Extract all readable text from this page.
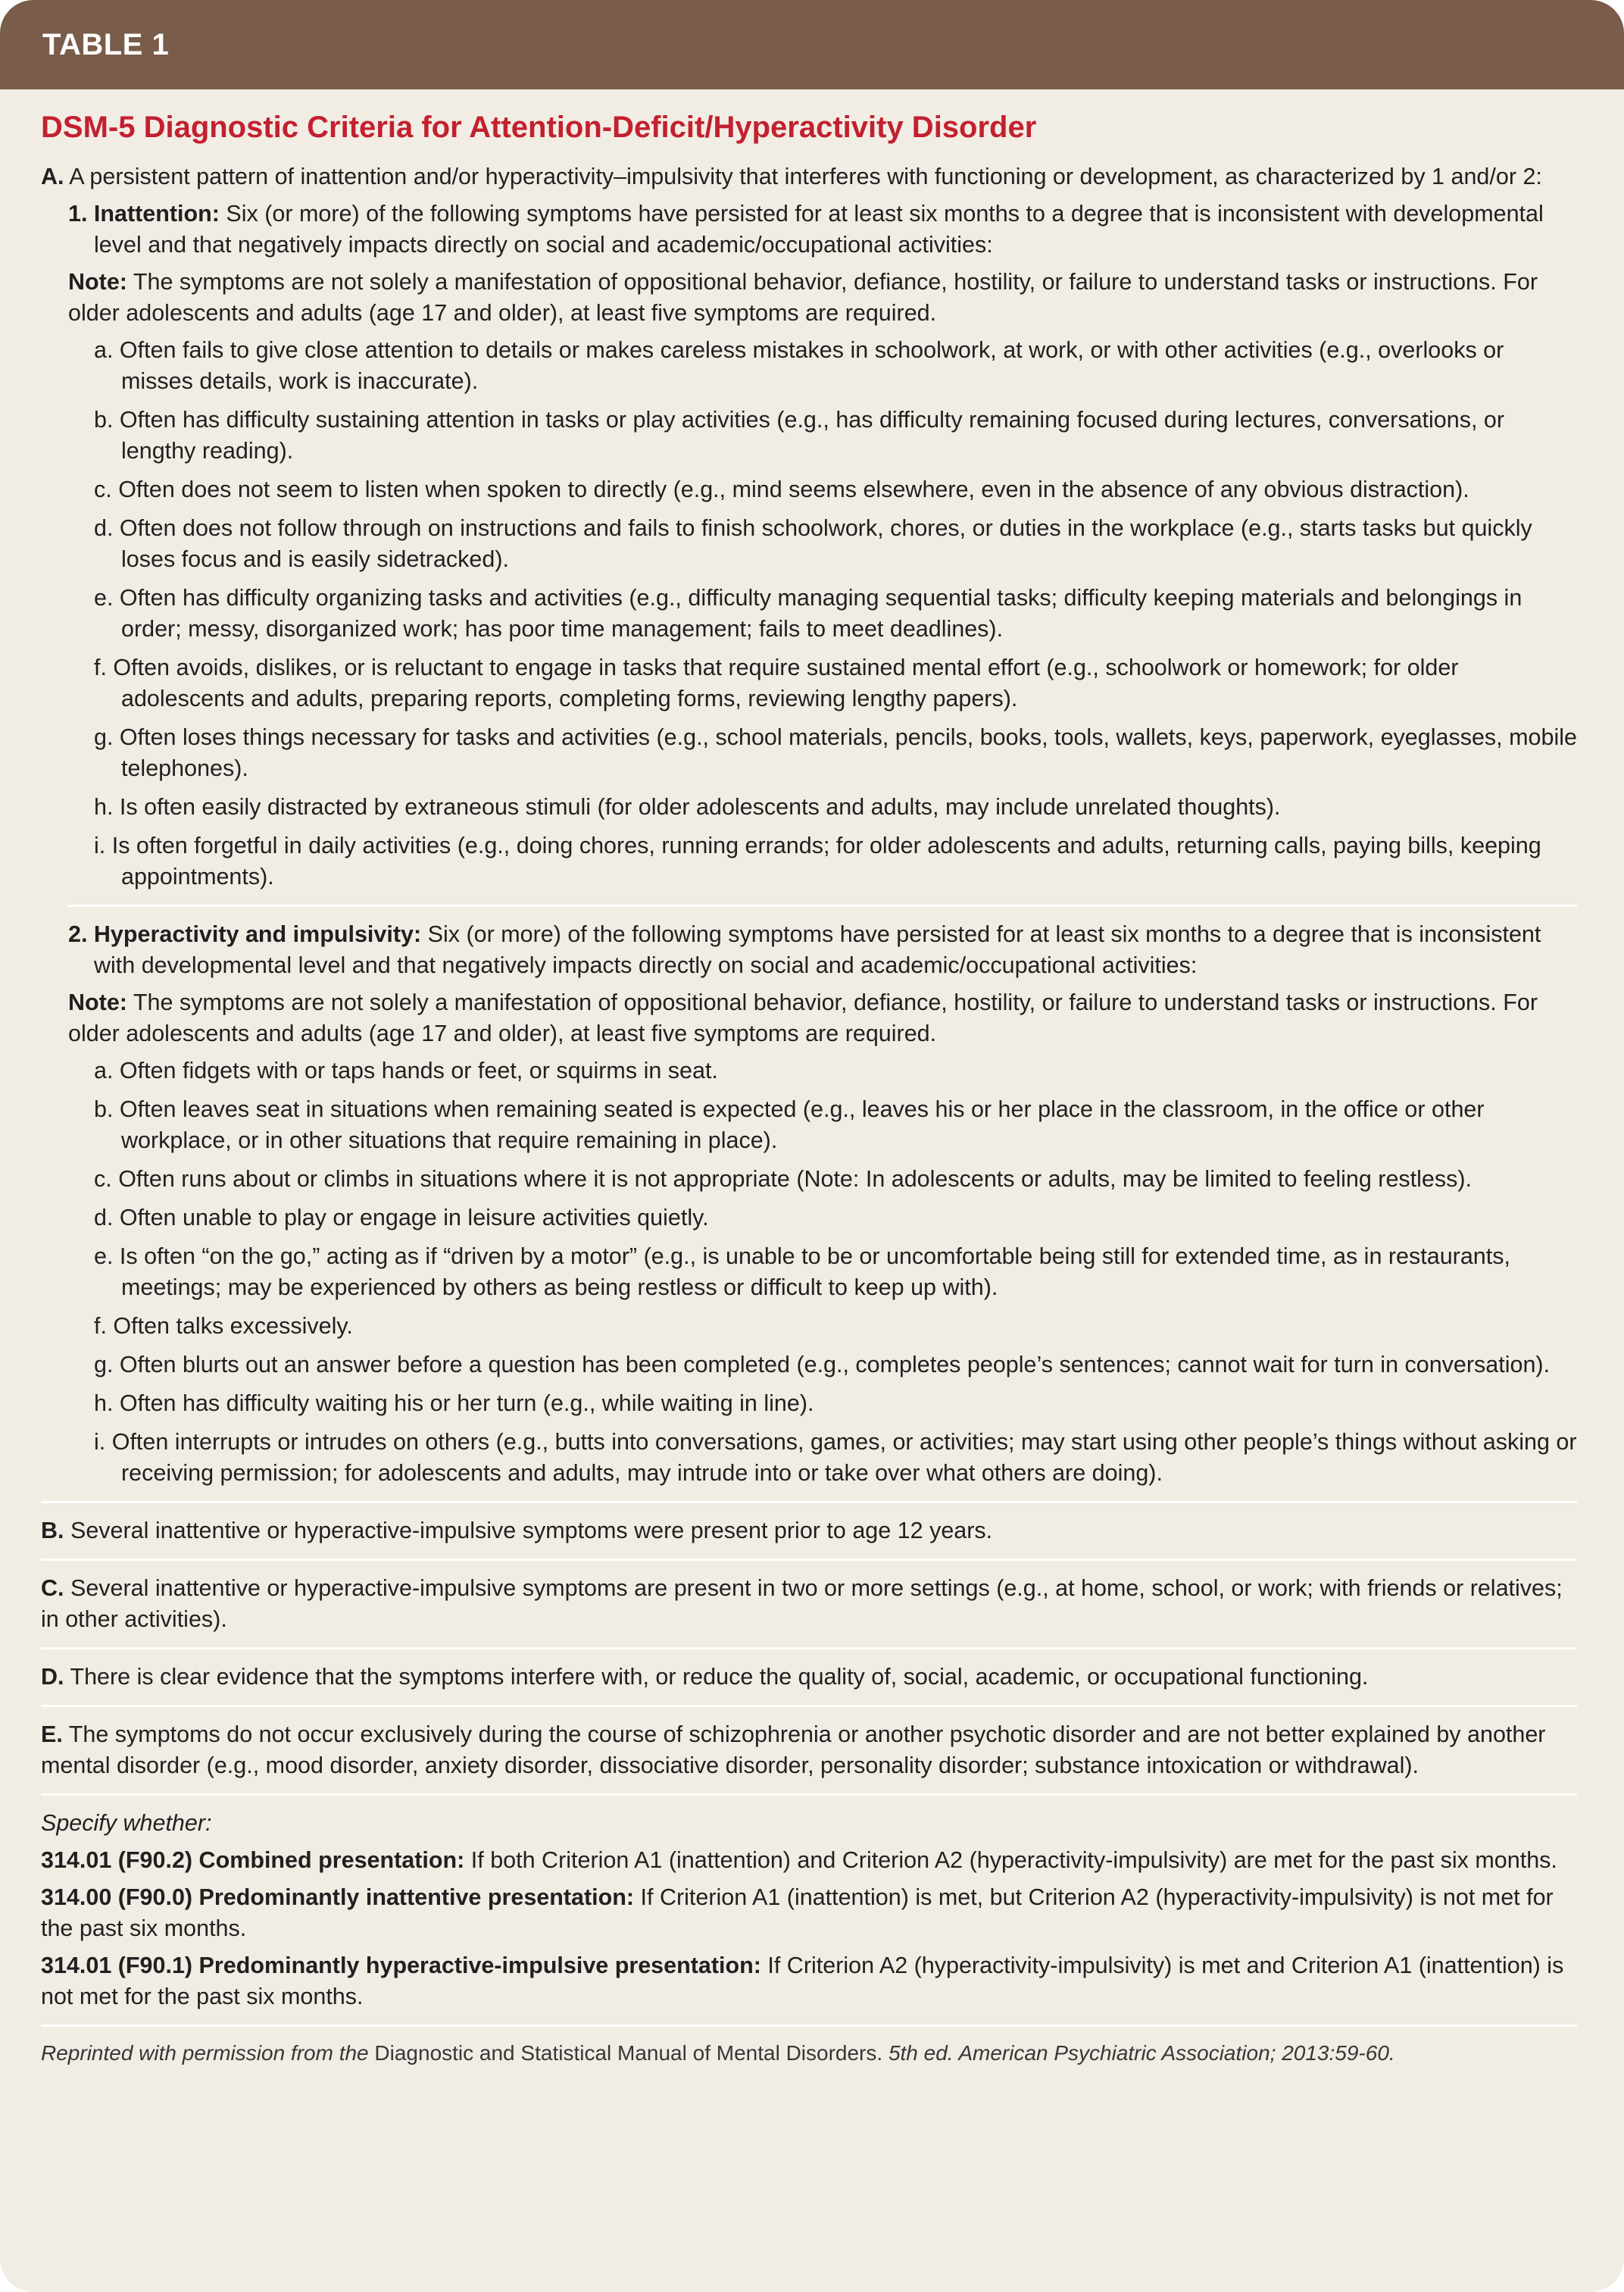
TABLE 1
DSM-5 Diagnostic Criteria for Attention-Deficit/Hyperactivity Disorder
A. A persistent pattern of inattention and/or hyperactivity–impulsivity that interferes with functioning or development, as characterized by 1 and/or 2:
1. Inattention: Six (or more) of the following symptoms have persisted for at least six months to a degree that is inconsistent with developmental level and that negatively impacts directly on social and academic/occupational activities:
Note: The symptoms are not solely a manifestation of oppositional behavior, defiance, hostility, or failure to understand tasks or instructions. For older adolescents and adults (age 17 and older), at least five symptoms are required.
a. Often fails to give close attention to details or makes careless mistakes in schoolwork, at work, or with other activities (e.g., overlooks or misses details, work is inaccurate).
b. Often has difficulty sustaining attention in tasks or play activities (e.g., has difficulty remaining focused during lectures, conversations, or lengthy reading).
c. Often does not seem to listen when spoken to directly (e.g., mind seems elsewhere, even in the absence of any obvious distraction).
d. Often does not follow through on instructions and fails to finish schoolwork, chores, or duties in the workplace (e.g., starts tasks but quickly loses focus and is easily sidetracked).
e. Often has difficulty organizing tasks and activities (e.g., difficulty managing sequential tasks; difficulty keeping materials and belongings in order; messy, disorganized work; has poor time management; fails to meet deadlines).
f. Often avoids, dislikes, or is reluctant to engage in tasks that require sustained mental effort (e.g., schoolwork or homework; for older adolescents and adults, preparing reports, completing forms, reviewing lengthy papers).
g. Often loses things necessary for tasks and activities (e.g., school materials, pencils, books, tools, wallets, keys, paperwork, eyeglasses, mobile telephones).
h. Is often easily distracted by extraneous stimuli (for older adolescents and adults, may include unrelated thoughts).
i. Is often forgetful in daily activities (e.g., doing chores, running errands; for older adolescents and adults, returning calls, paying bills, keeping appointments).
2. Hyperactivity and impulsivity: Six (or more) of the following symptoms have persisted for at least six months to a degree that is inconsistent with developmental level and that negatively impacts directly on social and academic/occupational activities:
Note: The symptoms are not solely a manifestation of oppositional behavior, defiance, hostility, or failure to understand tasks or instructions. For older adolescents and adults (age 17 and older), at least five symptoms are required.
a. Often fidgets with or taps hands or feet, or squirms in seat.
b. Often leaves seat in situations when remaining seated is expected (e.g., leaves his or her place in the classroom, in the office or other workplace, or in other situations that require remaining in place).
c. Often runs about or climbs in situations where it is not appropriate (Note: In adolescents or adults, may be limited to feeling restless).
d. Often unable to play or engage in leisure activities quietly.
e. Is often “on the go,” acting as if “driven by a motor” (e.g., is unable to be or uncomfortable being still for extended time, as in restaurants, meetings; may be experienced by others as being restless or difficult to keep up with).
f. Often talks excessively.
g. Often blurts out an answer before a question has been completed (e.g., completes people’s sentences; cannot wait for turn in conversation).
h. Often has difficulty waiting his or her turn (e.g., while waiting in line).
i. Often interrupts or intrudes on others (e.g., butts into conversations, games, or activities; may start using other people’s things without asking or receiving permission; for adolescents and adults, may intrude into or take over what others are doing).
B. Several inattentive or hyperactive-impulsive symptoms were present prior to age 12 years.
C. Several inattentive or hyperactive-impulsive symptoms are present in two or more settings (e.g., at home, school, or work; with friends or relatives; in other activities).
D. There is clear evidence that the symptoms interfere with, or reduce the quality of, social, academic, or occupational functioning.
E. The symptoms do not occur exclusively during the course of schizophrenia or another psychotic disorder and are not better explained by another mental disorder (e.g., mood disorder, anxiety disorder, dissociative disorder, personality disorder; substance intoxication or withdrawal).
Specify whether:
314.01 (F90.2) Combined presentation: If both Criterion A1 (inattention) and Criterion A2 (hyperactivity-impulsivity) are met for the past six months.
314.00 (F90.0) Predominantly inattentive presentation: If Criterion A1 (inattention) is met, but Criterion A2 (hyperactivity-impulsivity) is not met for the past six months.
314.01 (F90.1) Predominantly hyperactive-impulsive presentation: If Criterion A2 (hyperactivity-impulsivity) is met and Criterion A1 (inattention) is not met for the past six months.
Reprinted with permission from the Diagnostic and Statistical Manual of Mental Disorders. 5th ed. American Psychiatric Association; 2013:59-60.
